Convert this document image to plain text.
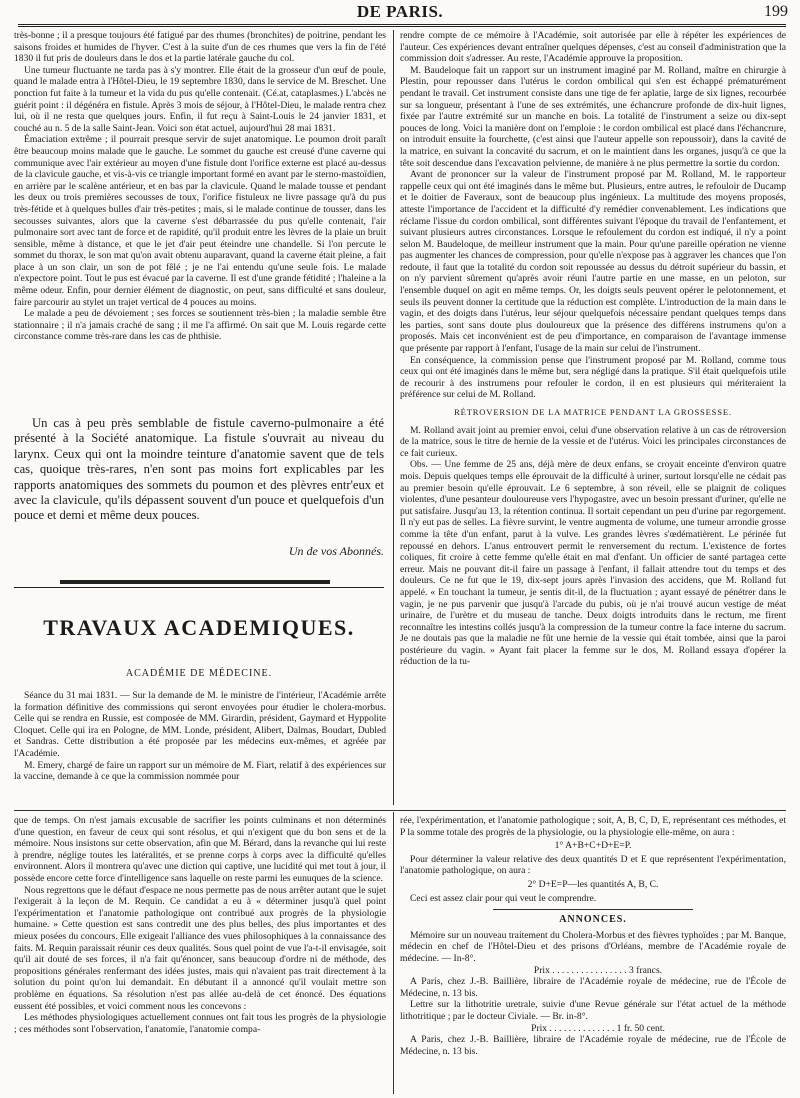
DE PARIS.	199

très-bonne ; il a presque toujours été fatigué par des rhumes (bronchites) de poitrine, pendant les saisons froides et humides de l'hyver. C'est à la suite d'un de ces rhumes que vers la fin de l'été 1830 il fut pris de douleurs dans le dos et la partie latérale gauche du col.

Une tumeur fluctuante ne tarda pas à s'y montrer. Elle était de la grosseur d'un œuf de poule, quand le malade entra à l'Hôtel-Dieu, le 19 septembre 1830, dans le service de M. Breschet. Une ponction fut faite à la tumeur et la vida du pus qu'elle contenait. (Cé.at, cataplasmes.) L'abcès ne guérit point : il dégénéra en fistule. Après 3 mois de séjour, à l'Hôtel-Dieu, le malade rentra chez lui, où il ne resta que quelques jours. Enfin, il fut reçu à Saint-Louis le 24 janvier 1831, et couché au n. 5 de la salle Saint-Jean. Voici son état actuel, aujourd'hui 28 mai 1831.

Émaciation extrême ; il pourrait presque servir de sujet anatomique. Le poumon droit paraît être beaucoup moins malade que le gauche. Le sommet du gauche est creusé d'une caverne qui communique avec l'air extérieur au moyen d'une fistule dont l'orifice externe est placé au-dessus de la clavicule gauche, et vis-à-vis ce triangle important formé en avant par le sterno-mastoïdien, en arrière par le scalène antérieur, et en bas par la clavicule. Quand le malade tousse et pendant les deux ou trois premières secousses de toux, l'orifice fistuleux ne livre passage qu'à du pus très-fétide et à quelques bulles d'air très-petites ; mais, si le malade continue de tousser, dans les secousses suivantes, alors que la caverne s'est débarrassée du pus qu'elle contenait, l'air pulmonaire sort avec tant de force et de rapidité, qu'il produit entre les lèvres de la plaie un bruit sensible, même à distance, et que le jet d'air peut éteindre une chandelle. Si l'on percute le sommet du thorax, le son mat qu'on avait obtenu auparavant, quand la caverne était pleine, a fait place à un son clair, un son de pot fêlé ; je ne l'ai entendu qu'une seule fois. Le malade n'expectore point. Tout le pus est évacué par la caverne. Il est d'une grande fétidité ; l'haleine a la même odeur. Enfin, pour dernier élément de diagnostic, on peut, sans difficulté et sans douleur, faire parcourir au stylet un trajet vertical de 4 pouces au moins.

Le malade a peu de dévoiement ; ses forces se soutiennent très-bien ; la maladie semble être stationnaire ; il n'a jamais craché de sang ; il me l'a affirmé. On sait que M. Louis regarde cette circonstance comme très-rare dans les cas de phthisie.

Un cas à peu près semblable de fistule caverno-pulmonaire a été présenté à la Société anatomique. La fistule s'ouvrait au niveau du larynx. Ceux qui ont la moindre teinture d'anatomie savent que de tels cas, quoique très-rares, n'en sont pas moins fort explicables par les rapports anatomiques des sommets du poumon et des plèvres entr'eux et avec la clavicule, qu'ils dépassent souvent d'un pouce et quelquefois d'un pouce et demi et même deux pouces.

Un de vos Abonnés.
TRAVAUX ACADEMIQUES.
ACADÉMIE DE MÉDECINE.

Séance du 31 mai 1831. — Sur la demande de M. le ministre de l'intérieur, l'Académie arrête la formation définitive des commissions qui seront envoyées pour étudier le cholera-morbus. Celle qui se rendra en Russie, est composée de MM. Girardin, président, Gaymard et Hyppolite Cloquet. Celle qui ira en Pologne, de MM. Londe, président, Alibert, Dalmas, Boudart, Dubled et Sandras. Cette distribution a été proposée par les médecins eux-mêmes, et agréée par l'Académie.

M. Emery, chargé de faire un rapport sur un mémoire de M. Fiart, relatif à des expériences sur la vaccine, demande à ce que la commission nommée pour

rendre compte de ce mémoire à l'Académie, soit autorisée par elle à répéter les expériences de l'auteur. Ces expériences devant entraîner quelques dépenses, c'est au conseil d'administration que la commission doit s'adresser. Au reste, l'Académie approuve la proposition.

M. Baudeloque fait un rapport sur un instrument imaginé par M. Rolland, maître en chirurgie à Plestin, pour repousser dans l'utérus le cordon ombilical qui s'en est échappé prématurément pendant le travail. Cet instrument consiste dans une tige de fer aplatie, large de six lignes, recourbée sur sa longueur, présentant à l'une de ses extrémités, une échancrure profonde de dix-huit lignes, fixée par l'autre extrémité sur un manche en bois. La totalité de l'instrument a seize ou dix-sept pouces de long. Voici la manière dont on l'emploie : le cordon ombilical est placé dans l'échancrure, on introduit ensuite la fourchette, (c'est ainsi que l'auteur appelle son repoussoir), dans la cavité de la matrice, en suivant la concavité du sacrum, et on le maintient dans les organes, jusqu'à ce que la tête soit descendue dans l'excavation pelvienne, de manière à ne plus permettre la sortie du cordon.

Avant de prononcer sur la valeur de l'instrument proposé par M. Rolland, M. le rapporteur rappelle ceux qui ont été imaginés dans le même but. Plusieurs, entre autres, le refouloir de Ducamp et le doitier de Faveraux, sont de beaucoup plus ingénieux. La multitude des moyens proposés, atteste l'importance de l'accident et la difficulté d'y remédier convenablement. Les indications que réclame l'issue du cordon ombilical, sont différentes suivant l'époque du travail de l'enfantement, et suivant plusieurs autres circonstances. Lorsque le refoulement du cordon est indiqué, il n'y a point selon M. Baudeloque, de meilleur instrument que la main. Pour qu'une pareille opération ne vienne pas augmenter les chances de compression, pour qu'elle n'expose pas à aggraver les chances que l'on redoute, il faut que la totalité du cordon soit repoussée au dessus du détroit supérieur du bassin, et on n'y parvient sûrement qu'après avoir réuni l'autre partie en une masse, en un peloton, sur l'ensemble duquel on agit en même temps. Or, les doigts seuls peuvent opérer le pelotonnement, et seuls ils peuvent donner la certitude que la réduction est complète. L'introduction de la main dans le vagin, et des doigts dans l'utérus, leur séjour quelquefois nécessaire pendant quelques temps dans les parties, sont sans doute plus douloureux que la présence des différens instrumens qu'on a proposés. Mais cet inconvénient est de peu d'importance, en comparaison de l'avantage immense que présente par rapport à l'enfant, l'usage de la main sur celui de l'instrument.

En conséquence, la commission pense que l'instrument proposé par M. Rolland, comme tous ceux qui ont été imaginés dans le même but, sera négligé dans la pratique. S'il était quelquefois utile de recourir à des instrumens pour refouler le cordon, il en est plusieurs qui mériteraient la préférence sur celui de M. Rolland.

RÉTROVERSION DE LA MATRICE PENDANT LA GROSSESSE.

M. Rolland avait joint au premier envoi, celui d'une observation relative à un cas de rétroversion de la matrice, sous le titre de hernie de la vessie et de l'utérus. Voici les principales circonstances de ce fait curieux.

Obs. — Une femme de 25 ans, déjà mère de deux enfans, se croyait enceinte d'environ quatre mois. Depuis quelques temps elle éprouvait de la difficulté à uriner, surtout lorsqu'elle ne cédait pas au premier besoin qu'elle éprouvait. Le 6 septembre, à son réveil, elle se plaignit de coliques violentes, d'une pesanteur douloureuse vers l'hypogastre, avec un besoin pressant d'uriner, qu'elle ne put satisfaire. Jusqu'au 13, la rétention continua. Il sortait cependant un peu d'urine par regorgement. Il n'y eut pas de selles. La fièvre survint, le ventre augmenta de volume, une tumeur arrondie grosse comme la tête d'un enfant, parut à la vulve. Les grandes lèvres s'œdématièrent. Le périnée fut repoussé en dehors. L'anus entrouvert permit le renversement du rectum. L'existence de fortes coliques, fit croire à cette femme qu'elle était en mal d'enfant. Un officier de santé partagea cette erreur. Mais ne pouvant dit-il faire un passage à l'enfant, il fallait attendre tout du temps et des douleurs. Ce ne fut que le 19, dix-sept jours après l'invasion des accidens, que M. Rolland fut appelé. « En touchant la tumeur, je sentis dit-il, de la fluctuation ; ayant essayé de pénétrer dans le vagin, je ne pus parvenir que jusqu'à l'arcade du pubis, où je n'ai trouvé aucun vestige de méat urinaire, de l'urètre et du museau de tanche. Deux doigts introduits dans le rectum, me firent reconnaître les intestins collés jusqu'à la compression de la tumeur contre la face interne du sacrum. Je ne doutais pas que la maladie ne fût une hernie de la vessie qui était tombée, ainsi que la paroi postérieure du vagin. » Ayant fait placer la femme sur le dos, M. Rolland essaya d'opérer la réduction de la tu-

que de temps. On n'est jamais excusable de sacrifier les points culminans et non déterminés d'une question, en faveur de ceux qui sont résolus, et qui n'exigent que du bon sens et de la mémoire. Nous insistons sur cette observation, afin que M. Bérard, dans la revanche qui lui reste à prendre, néglige toutes les latéralités, et se prenne corps à corps avec la difficulté qu'elles environnent. Alors il montrera qu'avec une diction qui captive, une lucidité qui met tout à jour, il possède encore cette force d'intelligence sans laquelle on reste parmi les eunuques de la science.

Nous regrettons que le défaut d'espace ne nous permette pas de nous arrêter autant que le sujet l'exigerait à la leçon de M. Requin. Ce candidat a eu à « déterminer jusqu'à quel point l'expérimentation et l'anatomie pathologique ont contribué aux progrès de la physiologie humaine. » Cette question est sans contredit une des plus belles, des plus importantes et des mieux posées du concours. Elle exigeait l'alliance des vues philosophiques à la connaissance des faits. M. Requin paraissait réunir ces deux qualités. Sous quel point de vue l'a-t-il envisagée, soit qu'il ait douté de ses forces, il n'a fait qu'énoncer, sans beaucoup d'ordre ni de méthode, des propositions générales renfermant des idées justes, mais qui n'avaient pas trait directement à la solution du point qu'on lui demandait. En débutant il a annoncé qu'il voulait mettre son problème en équations. Sa résolution n'est pas allée au-delà de cet énoncé. Des équations eussent été possibles, et voici comment nous les concevons :

Les méthodes physiologiques actuellement connues ont fait tous les progrès de la physiologie ; ces méthodes sont l'observation, l'anatomie, l'anatomie compa-

rée, l'expérimentation, et l'anatomie pathologique ; soit, A, B, C, D, E, représentant ces méthodes, et P la somme totale des progrès de la physiologie, ou la physiologie elle-même, on aura :

1° A+B+C+D+E=P.

Pour déterminer la valeur relative des deux quantités D et E que représentent l'expérimentation, l'anatomie pathologique, on aura :

2° D+E=P—les quantités A, B, C.

Ceci est assez clair pour qui veut le comprendre.

ANNONCES.

Mémoire sur un nouveau traitement du Cholera-Morbus et des fièvres typhoïdes ; par M. Banque, médecin en chef de l'Hôtel-Dieu et des prisons d'Orléans, membre de l'Académie royale de médecine. — In-8°.

Prix . . . . . . . . . . . . . . . . 3 francs.

A Paris, chez J.-B. Baillière, libraire de l'Académie royale de médecine, rue de l'École de Médecine, n. 13 bis.

Lettre sur la lithotritie uretrale, suivie d'une Revue générale sur l'état actuel de la méthode lithotritique ; par le docteur Civiale. — Br. in-8°.

Prix . . . . . . . . . . . . . . 1 fr. 50 cent.

A Paris, chez J.-B. Baillière, libraire de l'Académie royale de médecine, rue de l'École de Médecine, n. 13 bis.
